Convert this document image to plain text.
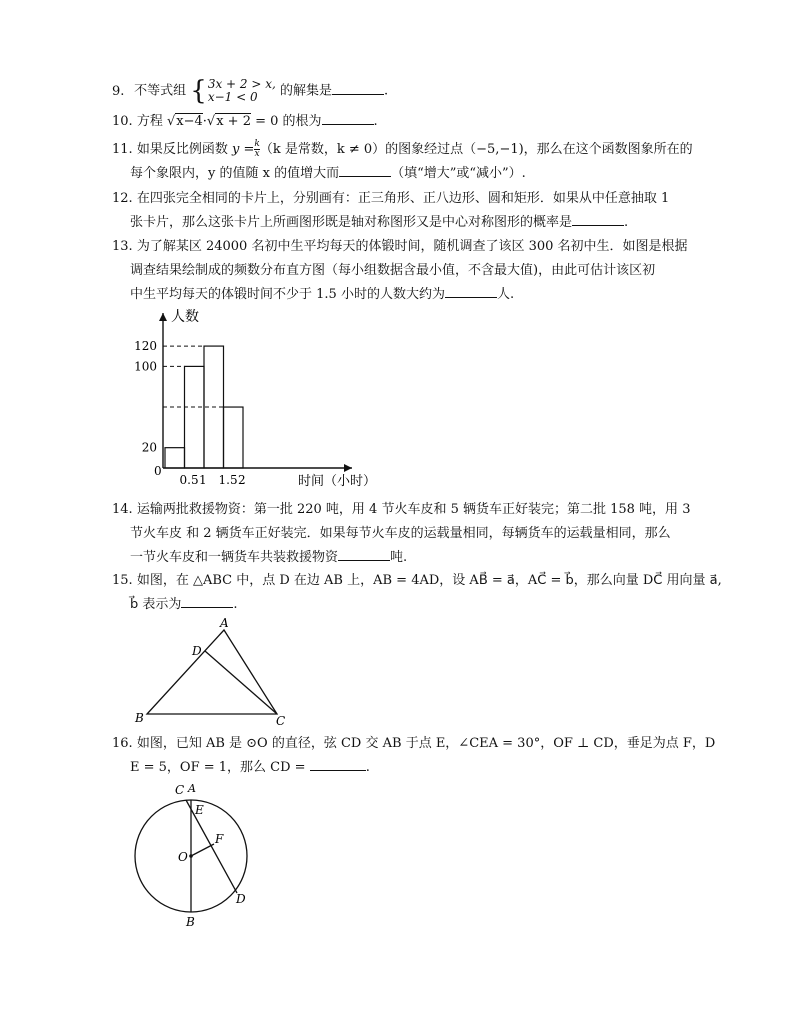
9. 不等式组 {3x + 2 > x,
x−1 < 0 的解集是	.
10. 方程 √x−4·√x + 2 = 0 的根为	.
11. 如果反比例函数 $y = \frac{k}{x} (k$ 是常数，k ≠ 0）的图象经过点（−5,−1)，那么在这个函数图象所在的
每个象限内，y 的值随 x 的值增大而	（填“增大”或“减小”）.
12. 在四张完全相同的卡片上，分别画有：正三角形、正八边形、圆和矩形．如果从中任意抽取 1
张卡片，那么这张卡片上所画图形既是轴对称图形又是中心对称图形的概率是	.
13. 为了解某区 24000 名初中生平均每天的体锻时间，随机调查了该区 300 名初中生．如图是根据
调查结果绘制成的频数分布直方图（每小组数据含最小值，不含最大值)，由此可估计该区初
中生平均每天的体锻时间不少于 1.5 小时的人数大约为	人.
20
100
120
0.5 1 1.5 2
人数
时间（小时）
0
14. 运输两批救援物资：第一批 220 吨，用 4 节火车皮和 5 辆货车正好装完；第二批 158 吨，用 3
节火车皮 和 2 辆货车正好装完．如果每节火车皮的运载量相同，每辆货车的运载量相同，那么
一节火车皮和一辆货车共装救援物资	吨.
15. 如图，在 △ABC 中，点 D 在边 AB 上，AB = 4AD，设 AB⃗ = a⃗，AC⃗ = b⃗，那么向量 DC⃗ 用向量 a⃗,
b⃗ 表示为	.
A
D
B	C
16. 如图，已知 AB 是 ⊙O 的直径，弦 CD 交 AB 于点 E，∠CEA = 30°，OF ⊥ CD，垂足为点 F，D
E = 5，OF = 1，那么 CD =	.
C A
E
F
O
D
B
